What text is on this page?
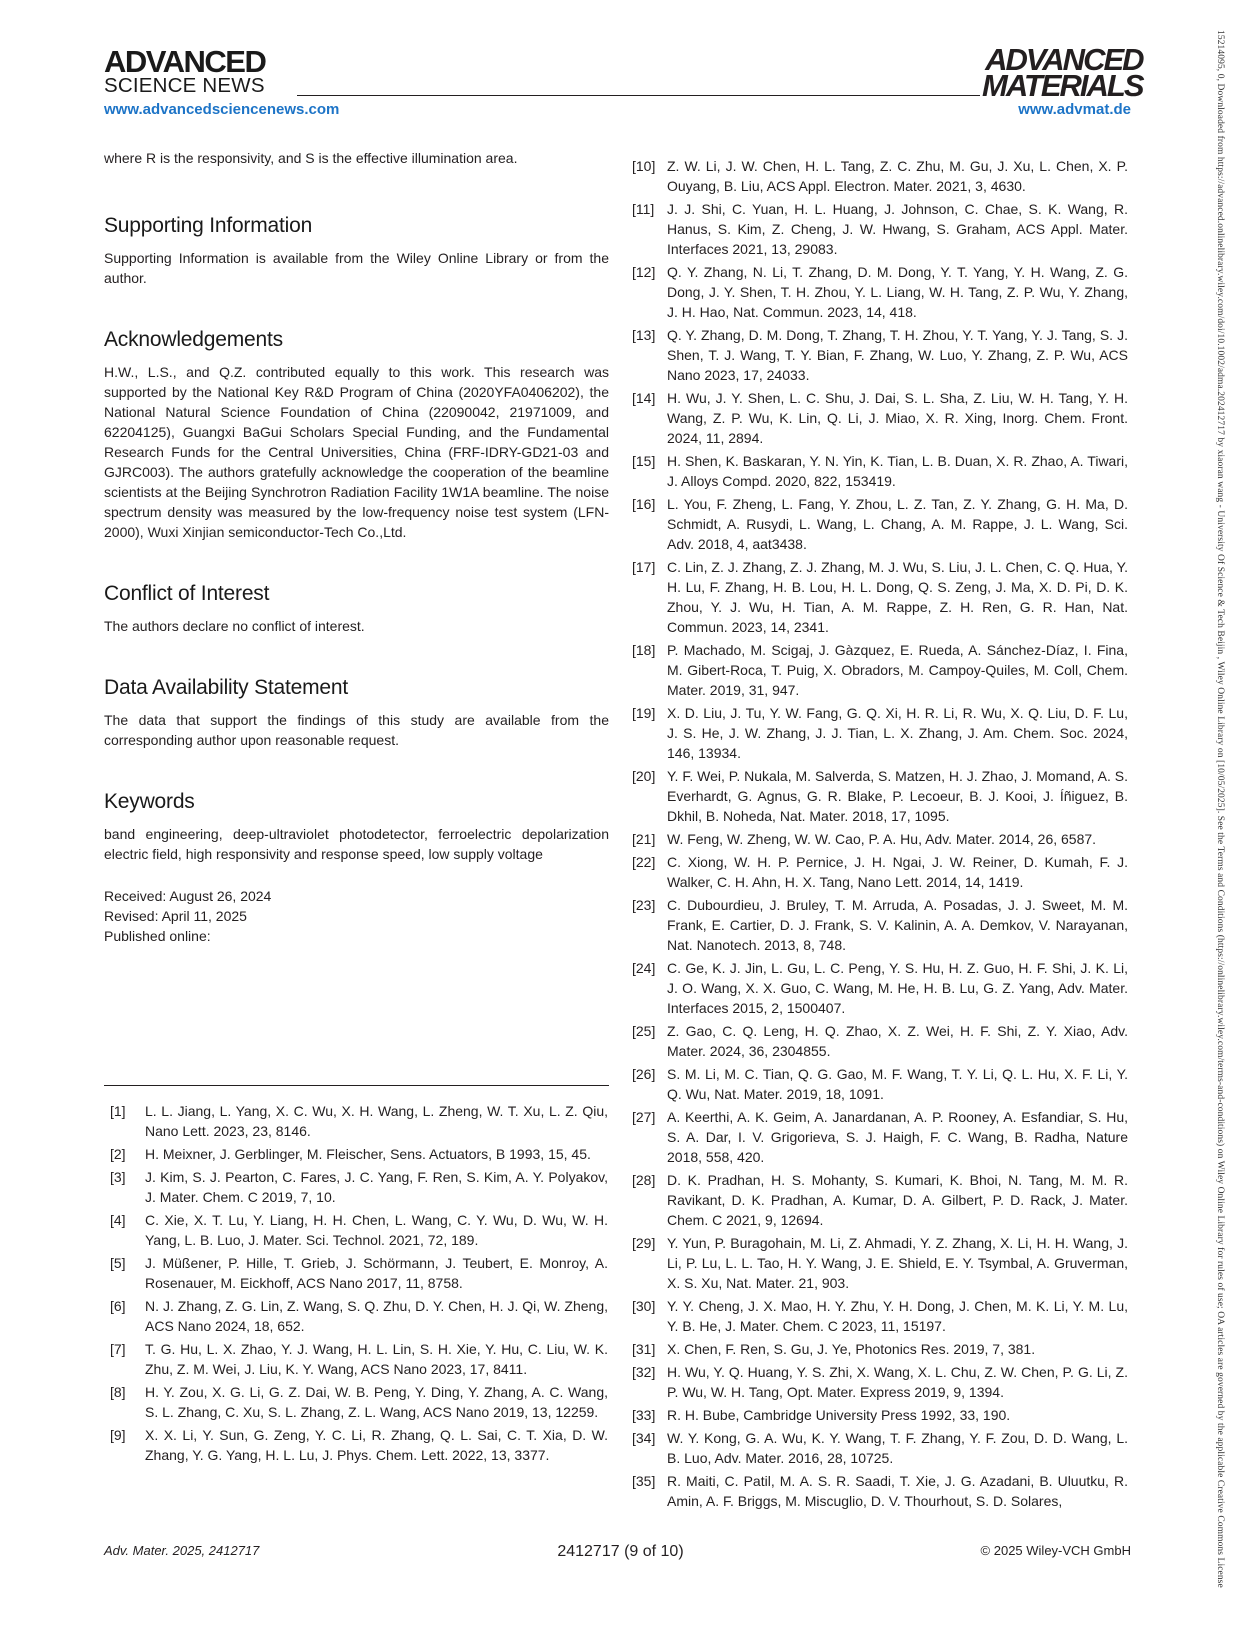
ADVANCED
SCIENCE NEWS
ADVANCED
MATERIALS
www.advancedsciencenews.com	www.advmat.de	15214095, 0, Downloaded from https://advanced.onlinelibrary.wiley.com/doi/10.1002/adma.202412717 by xiaoran wang - University Of Science & Tech Beijin , Wiley Online Library on [10/05/2025]. See the Terms and Conditions (https://onlinelibrary.wiley.com/terms-and-conditions) on Wiley Online Library for rules of use; OA articles are governed by the applicable Creative Commons License

where R is the responsivity, and S is the effective illumination area.

Supporting Information

Supporting Information is available from the Wiley Online Library or from the author.

Acknowledgements

H.W., L.S., and Q.Z. contributed equally to this work. This research was supported by the National Key R&D Program of China (2020YFA0406202), the National Natural Science Foundation of China (22090042, 21971009, and 62204125), Guangxi BaGui Scholars Special Funding, and the Fundamental Research Funds for the Central Universities, China (FRF-IDRY-GD21-03 and GJRC003). The authors gratefully acknowledge the cooperation of the beamline scientists at the Beijing Synchrotron Radiation Facility 1W1A beamline. The noise spectrum density was measured by the low-frequency noise test system (LFN-2000), Wuxi Xinjian semiconductor-Tech Co.,Ltd.

Conflict of Interest

The authors declare no conflict of interest.

Data Availability Statement

The data that support the findings of this study are available from the corresponding author upon reasonable request.

Keywords

band engineering, deep-ultraviolet photodetector, ferroelectric depolarization electric field, high responsivity and response speed, low supply voltage

Received: August 26, 2024

Revised: April 11, 2025

Published online:

[1] L. L. Jiang, L. Yang, X. C. Wu, X. H. Wang, L. Zheng, W. T. Xu, L. Z. Qiu, Nano Lett. 2023, 23, 8146.
[2] H. Meixner, J. Gerblinger, M. Fleischer, Sens. Actuators, B 1993, 15, 45.
[3] J. Kim, S. J. Pearton, C. Fares, J. C. Yang, F. Ren, S. Kim, A. Y. Polyakov, J. Mater. Chem. C 2019, 7, 10.
[4] C. Xie, X. T. Lu, Y. Liang, H. H. Chen, L. Wang, C. Y. Wu, D. Wu, W. H. Yang, L. B. Luo, J. Mater. Sci. Technol. 2021, 72, 189.
[5] J. Müßener, P. Hille, T. Grieb, J. Schörmann, J. Teubert, E. Monroy, A. Rosenauer, M. Eickhoff, ACS Nano 2017, 11, 8758.
[6] N. J. Zhang, Z. G. Lin, Z. Wang, S. Q. Zhu, D. Y. Chen, H. J. Qi, W. Zheng, ACS Nano 2024, 18, 652.
[7] T. G. Hu, L. X. Zhao, Y. J. Wang, H. L. Lin, S. H. Xie, Y. Hu, C. Liu, W. K. Zhu, Z. M. Wei, J. Liu, K. Y. Wang, ACS Nano 2023, 17, 8411.
[8] H. Y. Zou, X. G. Li, G. Z. Dai, W. B. Peng, Y. Ding, Y. Zhang, A. C. Wang, S. L. Zhang, C. Xu, S. L. Zhang, Z. L. Wang, ACS Nano 2019, 13, 12259.
[9] X. X. Li, Y. Sun, G. Zeng, Y. C. Li, R. Zhang, Q. L. Sai, C. T. Xia, D. W. Zhang, Y. G. Yang, H. L. Lu, J. Phys. Chem. Lett. 2022, 13, 3377.
[10] Z. W. Li, J. W. Chen, H. L. Tang, Z. C. Zhu, M. Gu, J. Xu, L. Chen, X. P. Ouyang, B. Liu, ACS Appl. Electron. Mater. 2021, 3, 4630.
[11] J. J. Shi, C. Yuan, H. L. Huang, J. Johnson, C. Chae, S. K. Wang, R. Hanus, S. Kim, Z. Cheng, J. W. Hwang, S. Graham, ACS Appl. Mater. Interfaces 2021, 13, 29083.
[12] Q. Y. Zhang, N. Li, T. Zhang, D. M. Dong, Y. T. Yang, Y. H. Wang, Z. G. Dong, J. Y. Shen, T. H. Zhou, Y. L. Liang, W. H. Tang, Z. P. Wu, Y. Zhang, J. H. Hao, Nat. Commun. 2023, 14, 418.
[13] Q. Y. Zhang, D. M. Dong, T. Zhang, T. H. Zhou, Y. T. Yang, Y. J. Tang, S. J. Shen, T. J. Wang, T. Y. Bian, F. Zhang, W. Luo, Y. Zhang, Z. P. Wu, ACS Nano 2023, 17, 24033.
[14] H. Wu, J. Y. Shen, L. C. Shu, J. Dai, S. L. Sha, Z. Liu, W. H. Tang, Y. H. Wang, Z. P. Wu, K. Lin, Q. Li, J. Miao, X. R. Xing, Inorg. Chem. Front. 2024, 11, 2894.
[15] H. Shen, K. Baskaran, Y. N. Yin, K. Tian, L. B. Duan, X. R. Zhao, A. Tiwari, J. Alloys Compd. 2020, 822, 153419.
[16] L. You, F. Zheng, L. Fang, Y. Zhou, L. Z. Tan, Z. Y. Zhang, G. H. Ma, D. Schmidt, A. Rusydi, L. Wang, L. Chang, A. M. Rappe, J. L. Wang, Sci. Adv. 2018, 4, aat3438.
[17] C. Lin, Z. J. Zhang, Z. J. Zhang, M. J. Wu, S. Liu, J. L. Chen, C. Q. Hua, Y. H. Lu, F. Zhang, H. B. Lou, H. L. Dong, Q. S. Zeng, J. Ma, X. D. Pi, D. K. Zhou, Y. J. Wu, H. Tian, A. M. Rappe, Z. H. Ren, G. R. Han, Nat. Commun. 2023, 14, 2341.
[18] P. Machado, M. Scigaj, J. Gàzquez, E. Rueda, A. Sánchez-Díaz, I. Fina, M. Gibert-Roca, T. Puig, X. Obradors, M. Campoy-Quiles, M. Coll, Chem. Mater. 2019, 31, 947.
[19] X. D. Liu, J. Tu, Y. W. Fang, G. Q. Xi, H. R. Li, R. Wu, X. Q. Liu, D. F. Lu, J. S. He, J. W. Zhang, J. J. Tian, L. X. Zhang, J. Am. Chem. Soc. 2024, 146, 13934.
[20] Y. F. Wei, P. Nukala, M. Salverda, S. Matzen, H. J. Zhao, J. Momand, A. S. Everhardt, G. Agnus, G. R. Blake, P. Lecoeur, B. J. Kooi, J. Íñiguez, B. Dkhil, B. Noheda, Nat. Mater. 2018, 17, 1095.
[21] W. Feng, W. Zheng, W. W. Cao, P. A. Hu, Adv. Mater. 2014, 26, 6587.
[22] C. Xiong, W. H. P. Pernice, J. H. Ngai, J. W. Reiner, D. Kumah, F. J. Walker, C. H. Ahn, H. X. Tang, Nano Lett. 2014, 14, 1419.
[23] C. Dubourdieu, J. Bruley, T. M. Arruda, A. Posadas, J. J. Sweet, M. M. Frank, E. Cartier, D. J. Frank, S. V. Kalinin, A. A. Demkov, V. Narayanan, Nat. Nanotech. 2013, 8, 748.
[24] C. Ge, K. J. Jin, L. Gu, L. C. Peng, Y. S. Hu, H. Z. Guo, H. F. Shi, J. K. Li, J. O. Wang, X. X. Guo, C. Wang, M. He, H. B. Lu, G. Z. Yang, Adv. Mater. Interfaces 2015, 2, 1500407.
[25] Z. Gao, C. Q. Leng, H. Q. Zhao, X. Z. Wei, H. F. Shi, Z. Y. Xiao, Adv. Mater. 2024, 36, 2304855.
[26] S. M. Li, M. C. Tian, Q. G. Gao, M. F. Wang, T. Y. Li, Q. L. Hu, X. F. Li, Y. Q. Wu, Nat. Mater. 2019, 18, 1091.
[27] A. Keerthi, A. K. Geim, A. Janardanan, A. P. Rooney, A. Esfandiar, S. Hu, S. A. Dar, I. V. Grigorieva, S. J. Haigh, F. C. Wang, B. Radha, Nature 2018, 558, 420.
[28] D. K. Pradhan, H. S. Mohanty, S. Kumari, K. Bhoi, N. Tang, M. M. R. Ravikant, D. K. Pradhan, A. Kumar, D. A. Gilbert, P. D. Rack, J. Mater. Chem. C 2021, 9, 12694.
[29] Y. Yun, P. Buragohain, M. Li, Z. Ahmadi, Y. Z. Zhang, X. Li, H. H. Wang, J. Li, P. Lu, L. L. Tao, H. Y. Wang, J. E. Shield, E. Y. Tsymbal, A. Gruverman, X. S. Xu, Nat. Mater. 21, 903.
[30] Y. Y. Cheng, J. X. Mao, H. Y. Zhu, Y. H. Dong, J. Chen, M. K. Li, Y. M. Lu, Y. B. He, J. Mater. Chem. C 2023, 11, 15197.
[31] X. Chen, F. Ren, S. Gu, J. Ye, Photonics Res. 2019, 7, 381.
[32] H. Wu, Y. Q. Huang, Y. S. Zhi, X. Wang, X. L. Chu, Z. W. Chen, P. G. Li, Z. P. Wu, W. H. Tang, Opt. Mater. Express 2019, 9, 1394.
[33] R. H. Bube, Cambridge University Press 1992, 33, 190.
[34] W. Y. Kong, G. A. Wu, K. Y. Wang, T. F. Zhang, Y. F. Zou, D. D. Wang, L. B. Luo, Adv. Mater. 2016, 28, 10725.
[35] R. Maiti, C. Patil, M. A. S. R. Saadi, T. Xie, J. G. Azadani, B. Uluutku, R. Amin, A. F. Briggs, M. Miscuglio, D. V. Thourhout, S. D. Solares,
Adv. Mater. 2025, 2412717	2412717 (9 of 10)	© 2025 Wiley-VCH GmbH
